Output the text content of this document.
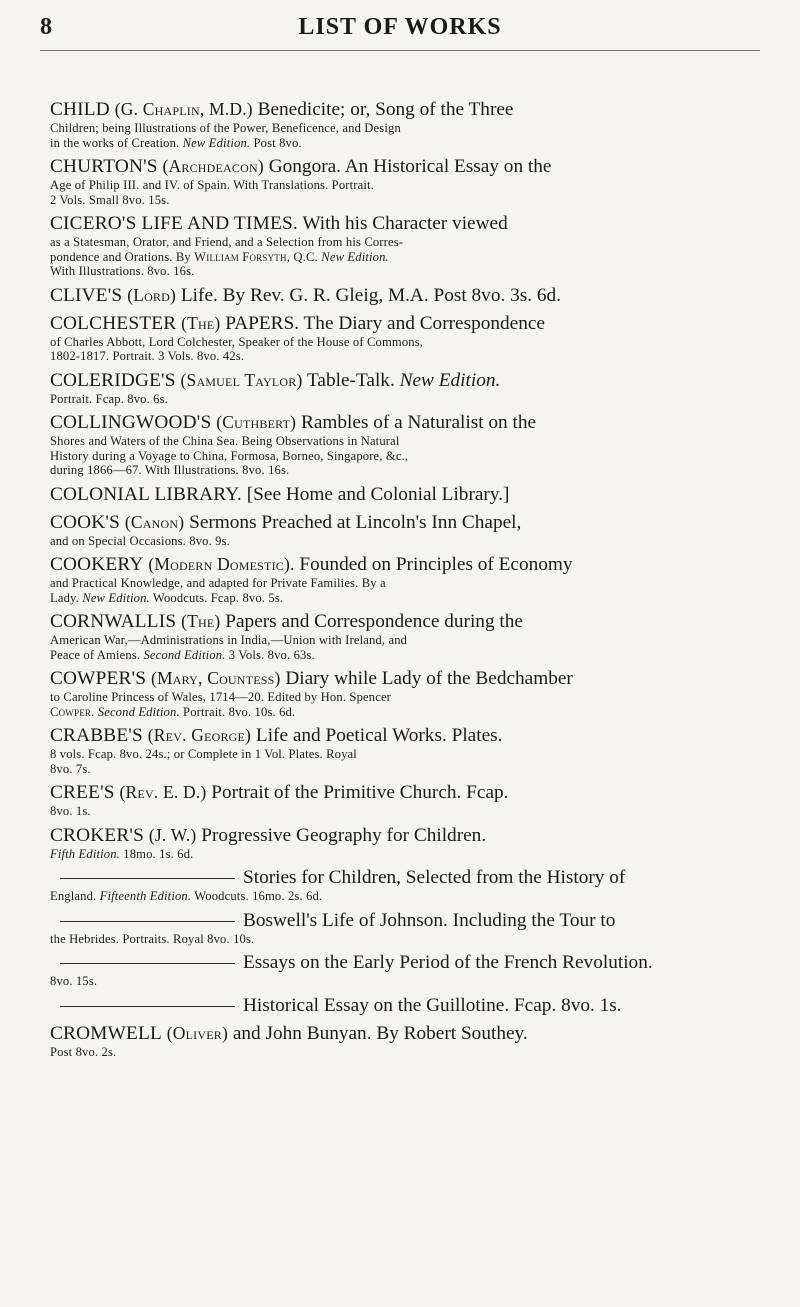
8	LIST OF WORKS
CHILD (G. Chaplin, M.D.) Benedicite; or, Song of the Three
Children; being Illustrations of the Power, Beneficence, and Design
in the works of Creation. New Edition. Post 8vo.
CHURTON'S (Archdeacon) Gongora. An Historical Essay on the
Age of Philip III. and IV. of Spain. With Translations. Portrait.
2 Vols. Small 8vo. 15s.
CICERO'S LIFE AND TIMES. With his Character viewed
as a Statesman, Orator, and Friend, and a Selection from his Corres-
pondence and Orations. By William Forsyth, Q.C. New Edition.
With Illustrations. 8vo. 16s.
CLIVE'S (Lord) Life. By Rev. G. R. Gleig, M.A. Post 8vo. 3s. 6d.
COLCHESTER (The) PAPERS. The Diary and Correspondence
of Charles Abbott, Lord Colchester, Speaker of the House of Commons,
1802-1817. Portrait. 3 Vols. 8vo. 42s.
COLERIDGE'S (Samuel Taylor) Table-Talk. New Edition.
Portrait. Fcap. 8vo. 6s.
COLLINGWOOD'S (Cuthbert) Rambles of a Naturalist on the
Shores and Waters of the China Sea. Being Observations in Natural
History during a Voyage to China, Formosa, Borneo, Singapore, &c.,
during 1866—67. With Illustrations. 8vo. 16s.
COLONIAL LIBRARY. [See Home and Colonial Library.]
COOK'S (Canon) Sermons Preached at Lincoln's Inn Chapel,
and on Special Occasions. 8vo. 9s.
COOKERY (Modern Domestic). Founded on Principles of Economy
and Practical Knowledge, and adapted for Private Families. By a
Lady. New Edition. Woodcuts. Fcap. 8vo. 5s.
CORNWALLIS (The) Papers and Correspondence during the
American War,—Administrations in India,—Union with Ireland, and
Peace of Amiens. Second Edition. 3 Vols. 8vo. 63s.
COWPER'S (Mary, Countess) Diary while Lady of the Bedchamber
to Caroline Princess of Wales, 1714—20. Edited by Hon. Spencer
Cowper. Second Edition. Portrait. 8vo. 10s. 6d.
CRABBE'S (Rev. George) Life and Poetical Works. Plates.
8 vols. Fcap. 8vo. 24s.; or Complete in 1 Vol. Plates. Royal
8vo. 7s.
CREE'S (Rev. E. D.) Portrait of the Primitive Church. Fcap.
8vo. 1s.
CROKER'S (J. W.) Progressive Geography for Children.
Fifth Edition. 18mo. 1s. 6d.
Stories for Children, Selected from the History of
England. Fifteenth Edition. Woodcuts. 16mo. 2s. 6d.
Boswell's Life of Johnson. Including the Tour to
the Hebrides. Portraits. Royal 8vo. 10s.
Essays on the Early Period of the French Revolution.
8vo. 15s.
Historical Essay on the Guillotine. Fcap. 8vo. 1s.
CROMWELL (Oliver) and John Bunyan. By Robert Southey.
Post 8vo. 2s.
